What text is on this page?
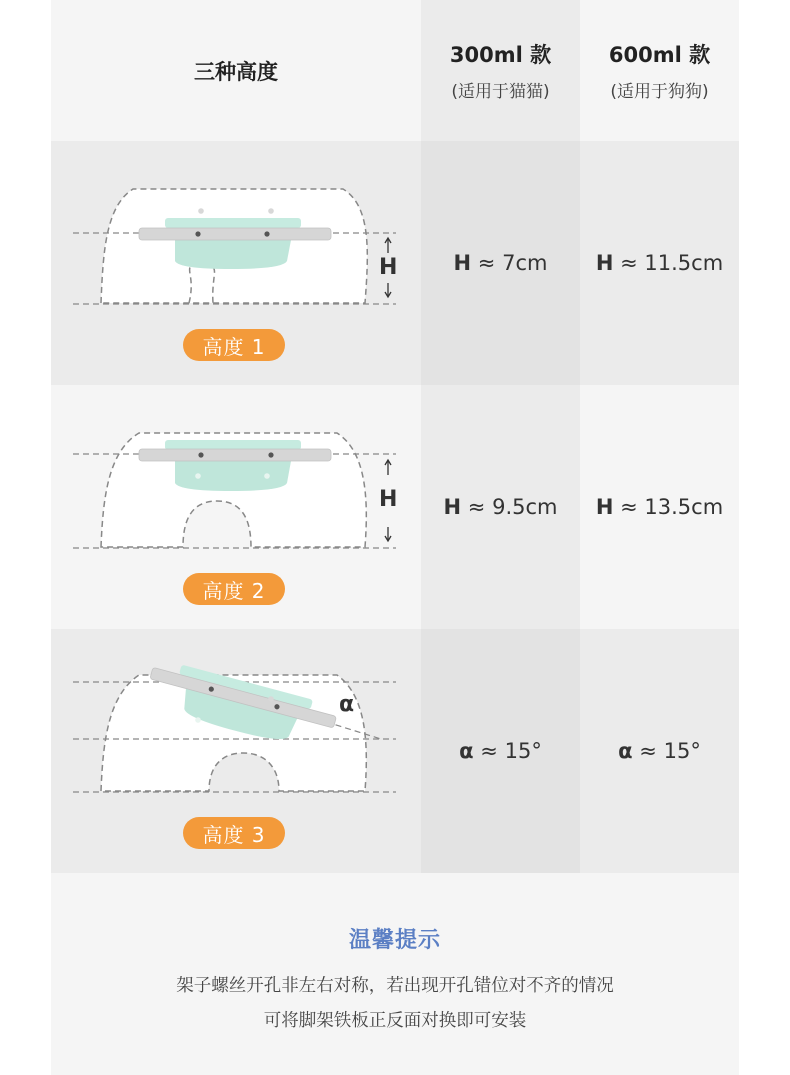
三种高度
300ml 款
(适用于猫猫)
600ml 款
(适用于狗狗)
H
高度 1
H ≈ 7cm H ≈ 11.5cm
H
高度 2
H ≈ 9.5cm H ≈ 13.5cm
α
高度 3
α ≈ 15°	α ≈ 15°
温馨提示
架子螺丝开孔非左右对称，若出现开孔错位对不齐的情况
可将脚架铁板正反面对换即可安装
